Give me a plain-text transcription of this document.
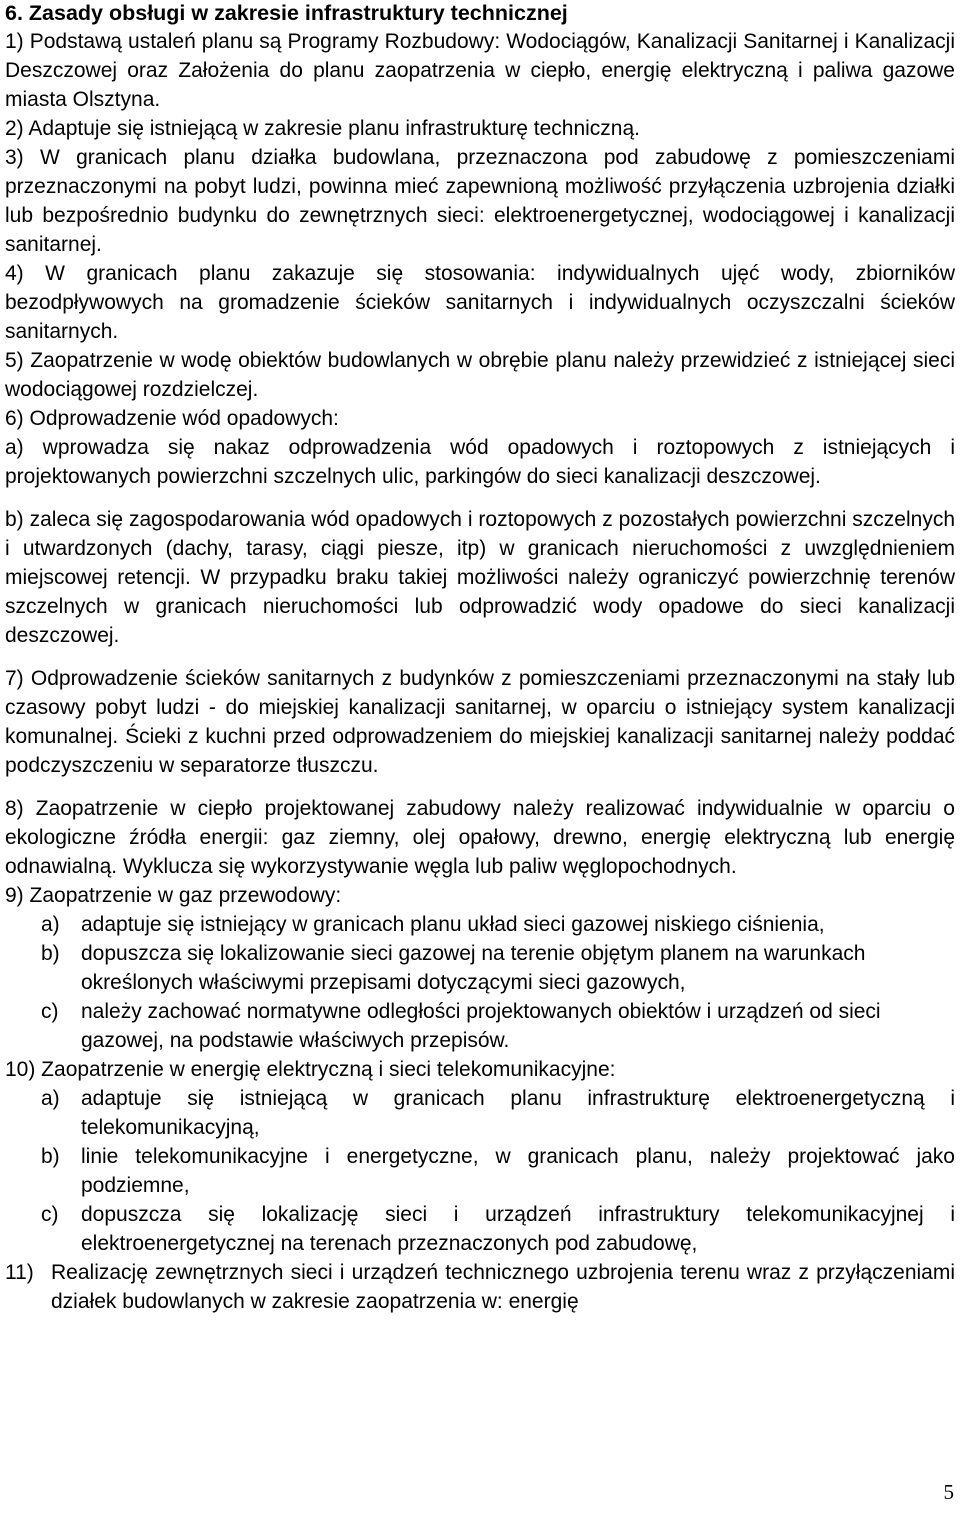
6. Zasady obsługi w zakresie infrastruktury technicznej

1) Podstawą ustaleń planu są Programy Rozbudowy: Wodociągów, Kanalizacji Sanitarnej i Kanalizacji Deszczowej oraz Założenia do planu zaopatrzenia w ciepło, energię elektryczną i paliwa gazowe miasta Olsztyna.

2) Adaptuje się istniejącą w zakresie planu infrastrukturę techniczną.

3) W granicach planu działka budowlana, przeznaczona pod zabudowę z pomieszczeniami przeznaczonymi na pobyt ludzi, powinna mieć zapewnioną możliwość przyłączenia uzbrojenia działki lub bezpośrednio budynku do zewnętrznych sieci: elektroenergetycznej, wodociągowej i kanalizacji sanitarnej.

4) W granicach planu zakazuje się stosowania: indywidualnych ujęć wody, zbiorników bezodpływowych na gromadzenie ścieków sanitarnych i indywidualnych oczyszczalni ścieków sanitarnych.

5) Zaopatrzenie w wodę obiektów budowlanych w obrębie planu należy przewidzieć z istniejącej sieci wodociągowej rozdzielczej.

6) Odprowadzenie wód opadowych:

a) wprowadza się nakaz odprowadzenia wód opadowych i roztopowych z istniejących i projektowanych powierzchni szczelnych ulic, parkingów do sieci kanalizacji deszczowej.

b) zaleca się zagospodarowania wód opadowych i roztopowych z pozostałych powierzchni szczelnych i utwardzonych (dachy, tarasy, ciągi piesze, itp) w granicach nieruchomości z uwzględnieniem miejscowej retencji. W przypadku braku takiej możliwości należy ograniczyć powierzchnię terenów szczelnych w granicach nieruchomości lub odprowadzić wody opadowe do sieci kanalizacji deszczowej.

7) Odprowadzenie ścieków sanitarnych z budynków z pomieszczeniami przeznaczonymi na stały lub czasowy pobyt ludzi - do miejskiej kanalizacji sanitarnej, w oparciu o istniejący system kanalizacji komunalnej. Ścieki z kuchni przed odprowadzeniem do miejskiej kanalizacji sanitarnej należy poddać podczyszczeniu w separatorze tłuszczu.

8) Zaopatrzenie w ciepło projektowanej zabudowy należy realizować indywidualnie w oparciu o ekologiczne źródła energii: gaz ziemny, olej opałowy, drewno, energię elektryczną lub energię odnawialną. Wyklucza się wykorzystywanie węgla lub paliw węglopochodnych.

9) Zaopatrzenie w gaz przewodowy:

a)	adaptuje się istniejący w granicach planu układ sieci gazowej niskiego ciśnienia,
b)	dopuszcza się lokalizowanie sieci gazowej na terenie objętym planem na warunkach określonych właściwymi przepisami dotyczącymi sieci gazowych,
c)	należy zachować normatywne odległości projektowanych obiektów i urządzeń od sieci gazowej, na podstawie właściwych przepisów.

10) Zaopatrzenie w energię elektryczną i sieci telekomunikacyjne:

a)	adaptuje się istniejącą w granicach planu infrastrukturę elektroenergetyczną i telekomunikacyjną,
b)	linie telekomunikacyjne i energetyczne, w granicach planu, należy projektować jako podziemne,
c)	dopuszcza się lokalizację sieci i urządzeń infrastruktury telekomunikacyjnej i elektroenergetycznej na terenach przeznaczonych pod zabudowę,
11) Realizację zewnętrznych sieci i urządzeń technicznego uzbrojenia terenu wraz z przyłączeniami działek budowlanych w zakresie zaopatrzenia w: energię
5
